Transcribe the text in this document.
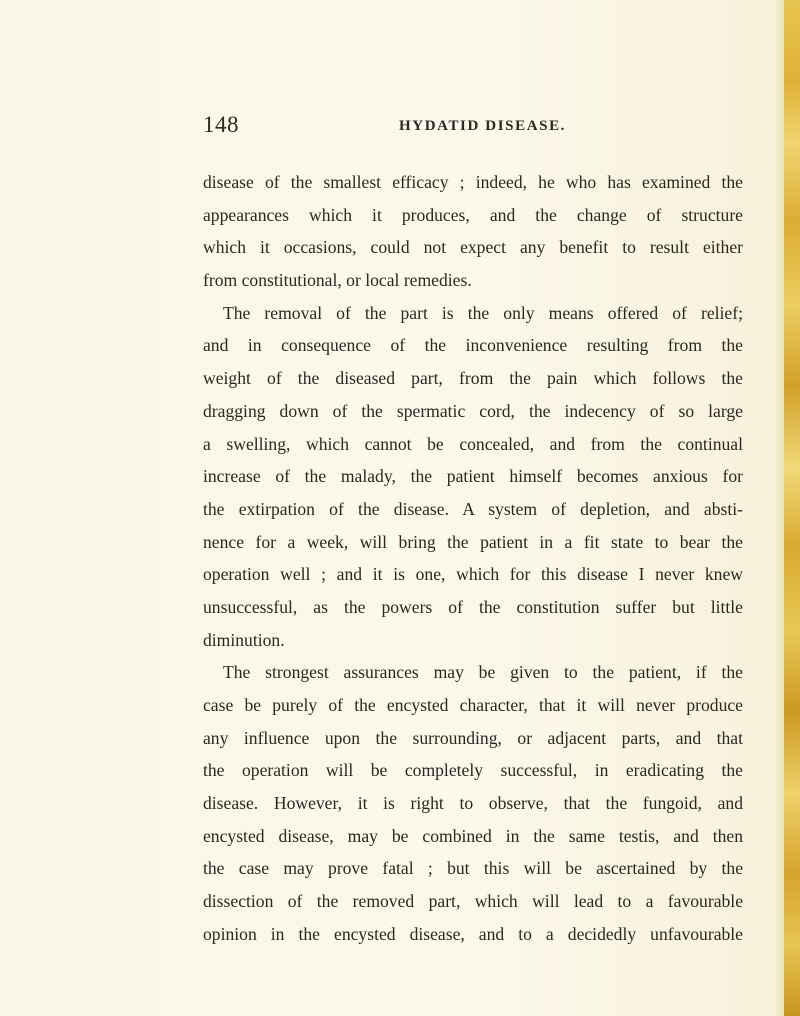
148	HYDATID DISEASE.
disease of the smallest efficacy ; indeed, he who has examined the
appearances which it produces, and the change of structure
which it occasions, could not expect any benefit to result either
from constitutional, or local remedies.
The removal of the part is the only means offered of relief;
and in consequence of the inconvenience resulting from the
weight of the diseased part, from the pain which follows the
dragging down of the spermatic cord, the indecency of so large
a swelling, which cannot be concealed, and from the continual
increase of the malady, the patient himself becomes anxious for
the extirpation of the disease. A system of depletion, and absti-
nence for a week, will bring the patient in a fit state to bear the
operation well ; and it is one, which for this disease I never knew
unsuccessful, as the powers of the constitution suffer but little
diminution.
The strongest assurances may be given to the patient, if the
case be purely of the encysted character, that it will never produce
any influence upon the surrounding, or adjacent parts, and that
the operation will be completely successful, in eradicating the
disease. However, it is right to observe, that the fungoid, and
encysted disease, may be combined in the same testis, and then
the case may prove fatal ; but this will be ascertained by the
dissection of the removed part, which will lead to a favourable
opinion in the encysted disease, and to a decidedly unfavourable
